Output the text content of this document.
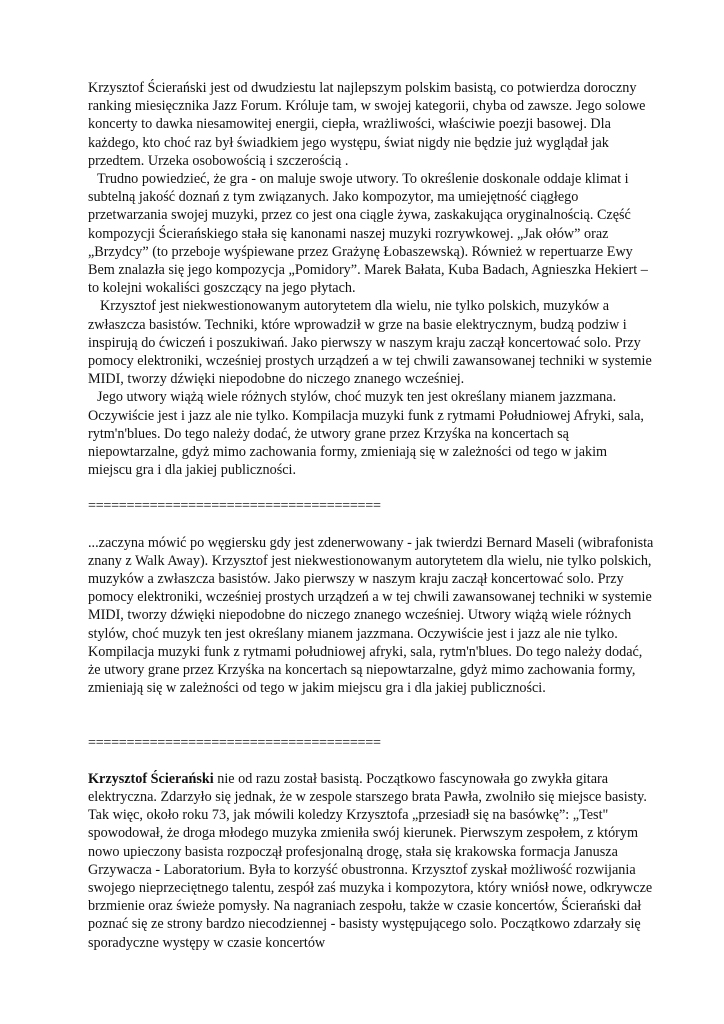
Krzysztof Ścierański jest od dwudziestu lat najlepszym polskim basistą, co potwierdza doroczny ranking miesięcznika Jazz Forum. Króluje tam, w swojej kategorii, chyba od zawsze. Jego solowe koncerty to dawka niesamowitej energii, ciepła, wrażliwości, właściwie poezji basowej. Dla każdego, kto choć raz był świadkiem jego występu, świat nigdy nie będzie już wyglądał jak przedtem. Urzeka osobowością i szczerością .

Trudno powiedzieć, że gra - on maluje swoje utwory. To określenie doskonale oddaje klimat i subtelną jakość doznań z tym związanych. Jako kompozytor, ma umiejętność ciągłego przetwarzania swojej muzyki, przez co jest ona ciągle żywa, zaskakująca oryginalnością. Część kompozycji Ścierańskiego stała się kanonami naszej muzyki rozrywkowej. „Jak ołów” oraz „Brzydcy” (to przeboje wyśpiewane przez Grażynę Łobaszewską). Również w repertuarze Ewy Bem znalazła się jego kompozycja „Pomidory”. Marek Bałata, Kuba Badach, Agnieszka Hekiert – to kolejni wokaliści goszczący na jego płytach.

Krzysztof jest niekwestionowanym autorytetem dla wielu, nie tylko polskich, muzyków a zwłaszcza basistów. Techniki, które wprowadził w grze na basie elektrycznym, budzą podziw i inspirują do ćwiczeń i poszukiwań. Jako pierwszy w naszym kraju zaczął koncertować solo. Przy pomocy elektroniki, wcześniej prostych urządzeń a w tej chwili zawansowanej techniki w systemie MIDI, tworzy dźwięki niepodobne do niczego znanego wcześniej.

Jego utwory wiążą wiele różnych stylów, choć muzyk ten jest określany mianem jazzmana. Oczywiście jest i jazz ale nie tylko. Kompilacja muzyki funk z rytmami Południowej Afryki, sala, rytm'n'blues. Do tego należy dodać, że utwory grane przez Krzyśka na koncertach są niepowtarzalne, gdyż mimo zachowania formy, zmieniają się w zależności od tego w jakim miejscu gra i dla jakiej publiczności.

======================================

...zaczyna mówić po węgiersku gdy jest zdenerwowany - jak twierdzi Bernard Maseli (wibrafonista znany z Walk Away). Krzysztof jest niekwestionowanym autorytetem dla wielu, nie tylko polskich, muzyków a zwłaszcza basistów. Jako pierwszy w naszym kraju zaczął koncertować solo. Przy pomocy elektroniki, wcześniej prostych urządzeń a w tej chwili zawansowanej techniki w systemie MIDI, tworzy dźwięki niepodobne do niczego znanego wcześniej. Utwory wiążą wiele różnych stylów, choć muzyk ten jest określany mianem jazzmana. Oczywiście jest i jazz ale nie tylko. Kompilacja muzyki funk z rytmami południowej afryki, sala, rytm'n'blues. Do tego należy dodać, że utwory grane przez Krzyśka na koncertach są niepowtarzalne, gdyż mimo zachowania formy, zmieniają się w zależności od tego w jakim miejscu gra i dla jakiej publiczności.

======================================

Krzysztof Ścierański nie od razu został basistą. Początkowo fascynowała go zwykła gitara elektryczna. Zdarzyło się jednak, że w zespole starszego brata Pawła, zwolniło się miejsce basisty. Tak więc, około roku 73, jak mówili koledzy Krzysztofa „przesiadł się na basówkę”: „Test" spowodował, że droga młodego muzyka zmieniła swój kierunek. Pierwszym zespołem, z którym nowo upieczony basista rozpoczął profesjonalną drogę, stała się krakowska formacja Janusza Grzywacza - Laboratorium. Była to korzyść obustronna. Krzysztof zyskał możliwość rozwijania swojego nieprzeciętnego talentu, zespół zaś muzyka i kompozytora, który wniósł nowe, odkrywcze brzmienie oraz świeże pomysły. Na nagraniach zespołu, także w czasie koncertów, Ścierański dał poznać się ze strony bardzo niecodziennej - basisty występującego solo. Początkowo zdarzały się sporadyczne występy w czasie koncertów
